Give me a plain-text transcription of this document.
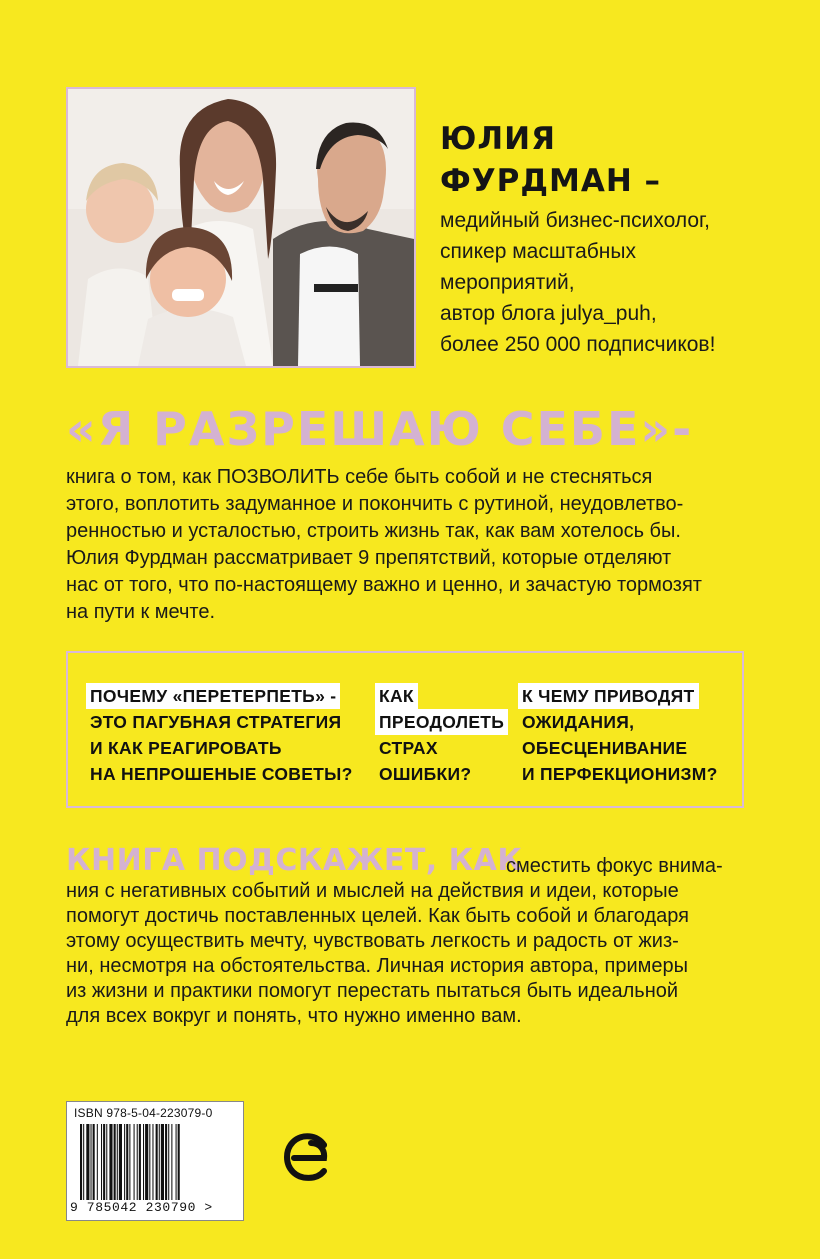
ЮЛИЯ
ФУРДМАН –
медийный бизнес-психолог,
спикер масштабных
мероприятий,
автор блога julya_puh,
более 250 000 подписчиков!
«Я РАЗРЕШАЮ СЕБЕ»-
книга о том, как ПОЗВОЛИТЬ себе быть собой и не стесняться
этого, воплотить задуманное и покончить с рутиной, неудовлетво-
ренностью и усталостью, строить жизнь так, как вам хотелось бы.
Юлия Фурдман рассматривает 9 препятствий, которые отделяют
нас от того, что по-настоящему важно и ценно, и зачастую тормозят
на пути к мечте.
ПОЧЕМУ «ПЕРЕТЕРПЕТЬ» -
ЭТО ПАГУБНАЯ СТРАТЕГИЯ
И КАК РЕАГИРОВАТЬ
НА НЕПРОШЕНЫЕ СОВЕТЫ?
КАК
ПРЕОДОЛЕТЬ
СТРАХ
ОШИБКИ?
К ЧЕМУ ПРИВОДЯТ
ОЖИДАНИЯ,
ОБЕСЦЕНИВАНИЕ
И ПЕРФЕКЦИОНИЗМ?
КНИГА ПОДСКАЖЕТ, КАК
сместить фокус внима-
ния с негативных событий и мыслей на действия и идеи, которые
помогут достичь поставленных целей. Как быть собой и благодаря
этому осуществить мечту, чувствовать легкость и радость от жиз-
ни, несмотря на обстоятельства. Личная история автора, примеры
из жизни и практики помогут перестать пытаться быть идеальной
для всех вокруг и понять, что нужно именно вам.
ISBN 978-5-04-223079-0
9 785042 230790 >
